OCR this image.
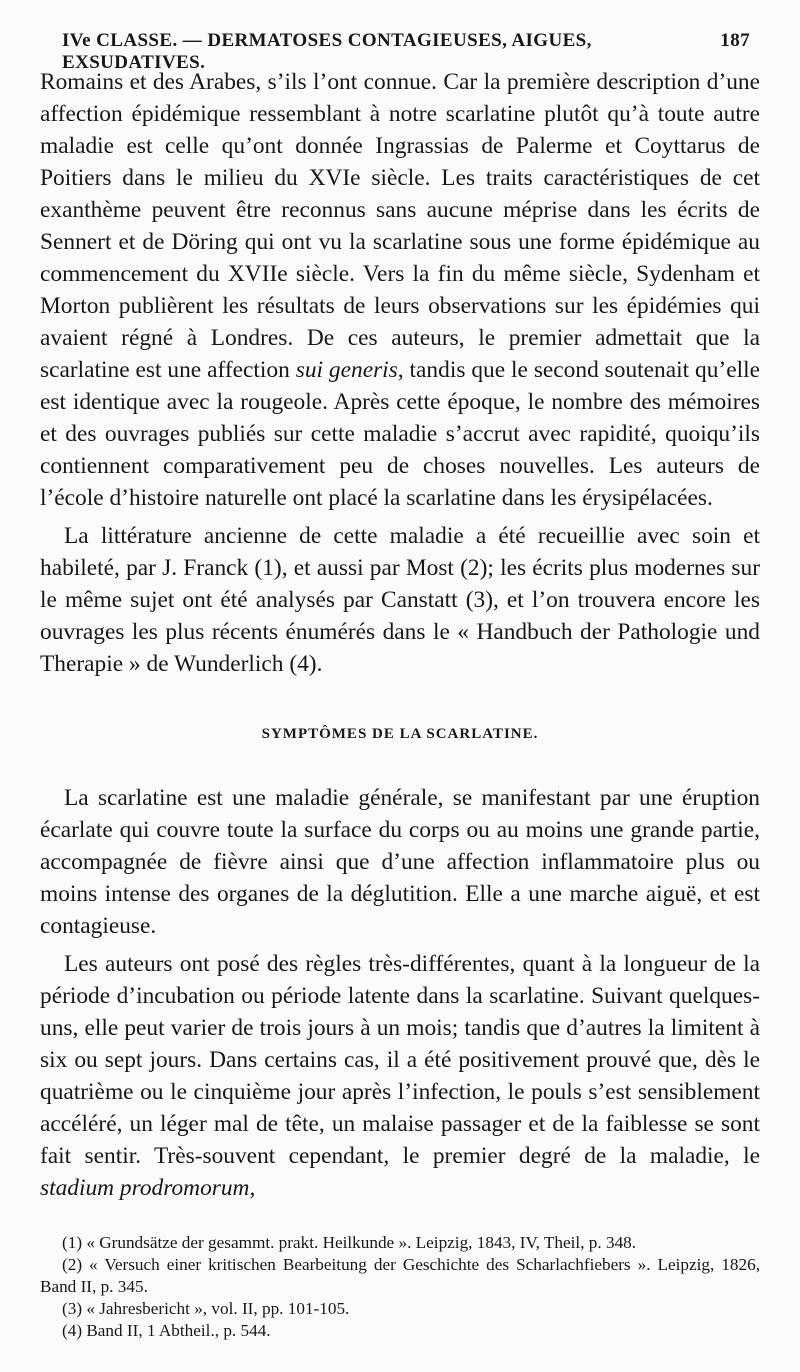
IVe CLASSE. — DERMATOSES CONTAGIEUSES, AIGUES, EXSUDATIVES.
187

Romains et des Arabes, s’ils l’ont connue. Car la première description d’une affection épidémique ressemblant à notre scarlatine plutôt qu’à toute autre maladie est celle qu’ont donnée Ingrassias de Palerme et Coyttarus de Poitiers dans le milieu du XVIe siècle. Les traits caractéristiques de cet exanthème peuvent être reconnus sans aucune méprise dans les écrits de Sennert et de Döring qui ont vu la scarlatine sous une forme épidémique au commencement du XVIIe siècle. Vers la fin du même siècle, Sydenham et Morton publièrent les résultats de leurs observations sur les épidémies qui avaient régné à Londres. De ces auteurs, le premier admettait que la scarlatine est une affection sui generis, tandis que le second soutenait qu’elle est identique avec la rougeole. Après cette époque, le nombre des mémoires et des ouvrages publiés sur cette maladie s’accrut avec rapidité, quoiqu’ils contiennent comparativement peu de choses nouvelles. Les auteurs de l’école d’histoire naturelle ont placé la scarlatine dans les érysipélacées.

La littérature ancienne de cette maladie a été recueillie avec soin et habileté, par J. Franck (1), et aussi par Most (2); les écrits plus modernes sur le même sujet ont été analysés par Canstatt (3), et l’on trouvera encore les ouvrages les plus récents énumérés dans le « Handbuch der Pathologie und Therapie » de Wunderlich (4).

SYMPTÔMES DE LA SCARLATINE.

La scarlatine est une maladie générale, se manifestant par une éruption écarlate qui couvre toute la surface du corps ou au moins une grande partie, accompagnée de fièvre ainsi que d’une affection inflammatoire plus ou moins intense des organes de la déglutition. Elle a une marche aiguë, et est contagieuse.

Les auteurs ont posé des règles très-différentes, quant à la longueur de la période d’incubation ou période latente dans la scarlatine. Suivant quelques-uns, elle peut varier de trois jours à un mois; tandis que d’autres la limitent à six ou sept jours. Dans certains cas, il a été positivement prouvé que, dès le quatrième ou le cinquième jour après l’infection, le pouls s’est sensiblement accéléré, un léger mal de tête, un malaise passager et de la faiblesse se sont fait sentir. Très-souvent cependant, le premier degré de la maladie, le stadium prodromorum,

(1) « Grundsätze der gesammt. prakt. Heilkunde ». Leipzig, 1843, IV, Theil, p. 348.

(2) « Versuch einer kritischen Bearbeitung der Geschichte des Scharlachfiebers ». Leipzig, 1826, Band II, p. 345.

(3) « Jahresbericht », vol. II, pp. 101-105.

(4) Band II, 1 Abtheil., p. 544.
